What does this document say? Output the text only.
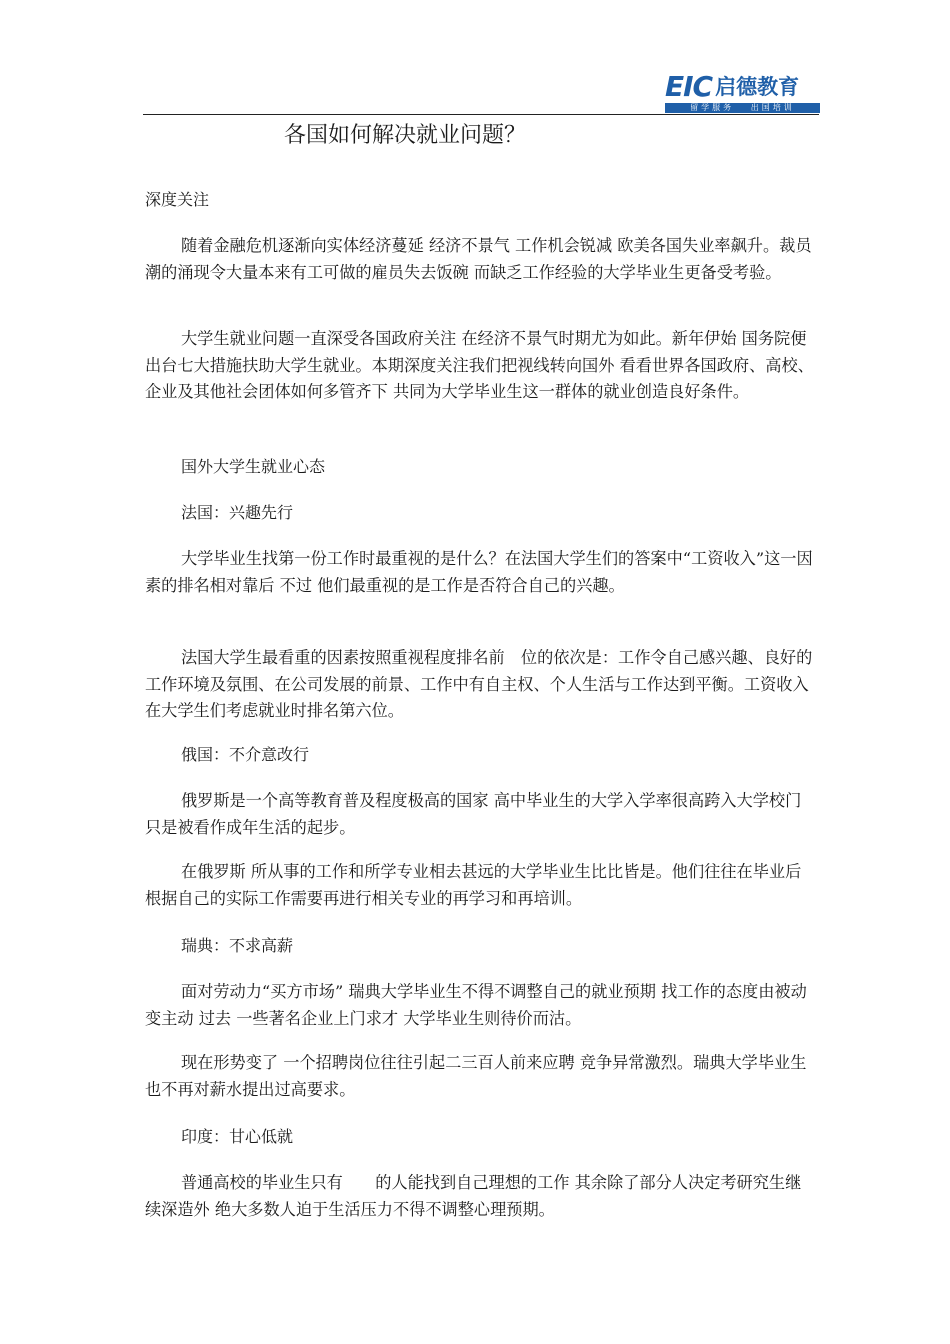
EIC 启德教育
留学服务   出国培训
各国如何解决就业问题？
深度关注
随着金融危机逐渐向实体经济蔓延 经济不景气 工作机会锐减 欧美各国失业率飙升。裁员潮的涌现令大量本来有工可做的雇员失去饭碗 而缺乏工作经验的大学毕业生更备受考验。
大学生就业问题一直深受各国政府关注 在经济不景气时期尤为如此。新年伊始 国务院便出台七大措施扶助大学生就业。本期深度关注我们把视线转向国外 看看世界各国政府、高校、企业及其他社会团体如何多管齐下 共同为大学毕业生这一群体的就业创造良好条件。
国外大学生就业心态
法国：兴趣先行
大学毕业生找第一份工作时最重视的是什么？在法国大学生们的答案中“工资收入”这一因素的排名相对靠后 不过 他们最重视的是工作是否符合自己的兴趣。
法国大学生最看重的因素按照重视程度排名前　位的依次是：工作令自己感兴趣、良好的工作环境及氛围、在公司发展的前景、工作中有自主权、个人生活与工作达到平衡。工资收入在大学生们考虑就业时排名第六位。
俄国：不介意改行
俄罗斯是一个高等教育普及程度极高的国家 高中毕业生的大学入学率很高跨入大学校门只是被看作成年生活的起步。
在俄罗斯 所从事的工作和所学专业相去甚远的大学毕业生比比皆是。他们往往在毕业后根据自己的实际工作需要再进行相关专业的再学习和再培训。
瑞典：不求高薪
面对劳动力“买方市场” 瑞典大学毕业生不得不调整自己的就业预期 找工作的态度由被动变主动 过去 一些著名企业上门求才 大学毕业生则待价而沽。
现在形势变了 一个招聘岗位往往引起二三百人前来应聘 竞争异常激烈。瑞典大学毕业生也不再对薪水提出过高要求。
印度：甘心低就
普通高校的毕业生只有　　的人能找到自己理想的工作 其余除了部分人决定考研究生继续深造外 绝大多数人迫于生活压力不得不调整心理预期。
